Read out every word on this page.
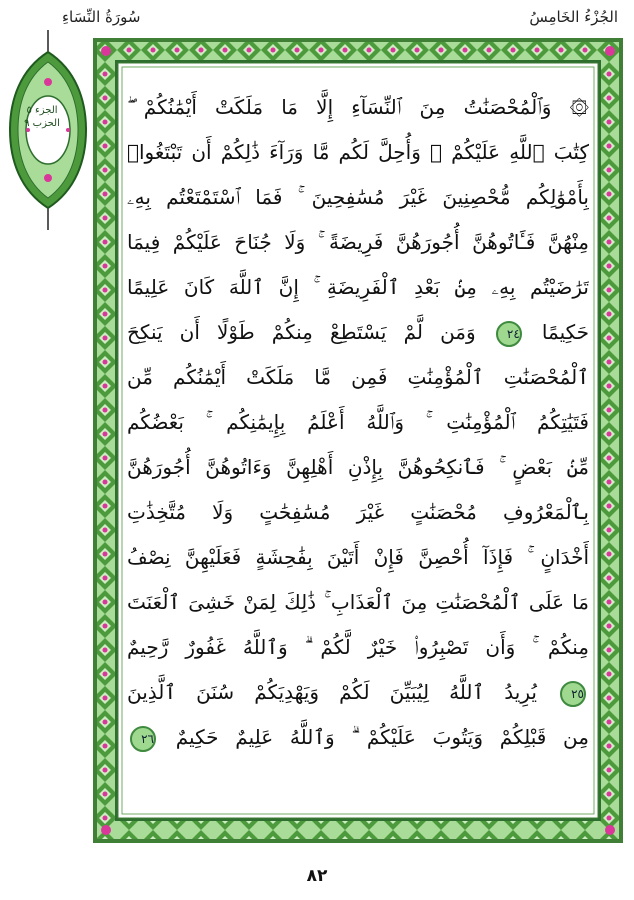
الجُزْءُ الخَامِسُ
سُورَةُ النِّسَاءِ
الجزء ٥
الحزب ٩
۞ وَٱلْمُحْصَنَٰتُ مِنَ ٱلنِّسَآءِ إِلَّا مَا مَلَكَتْ أَيْمَٰنُكُمْ ۖ
كِتَٰبَ ٱللَّهِ عَلَيْكُمْ ۚ وَأُحِلَّ لَكُم مَّا وَرَآءَ ذَٰلِكُمْ أَن تَبْتَغُوا۟
بِأَمْوَٰلِكُم مُّحْصِنِينَ غَيْرَ مُسَٰفِحِينَ ۚ فَمَا ٱسْتَمْتَعْتُم بِهِۦ
مِنْهُنَّ فَـَٔاتُوهُنَّ أُجُورَهُنَّ فَرِيضَةً ۚ وَلَا جُنَاحَ عَلَيْكُمْ فِيمَا
تَرَٰضَيْتُم بِهِۦ مِنۢ بَعْدِ ٱلْفَرِيضَةِ ۚ إِنَّ ٱللَّهَ كَانَ عَلِيمًا
حَكِيمًا ٢٤ وَمَن لَّمْ يَسْتَطِعْ مِنكُمْ طَوْلًا أَن يَنكِحَ
ٱلْمُحْصَنَٰتِ ٱلْمُؤْمِنَٰتِ فَمِن مَّا مَلَكَتْ أَيْمَٰنُكُم مِّن
فَتَيَٰتِكُمُ ٱلْمُؤْمِنَٰتِ ۚ وَٱللَّهُ أَعْلَمُ بِإِيمَٰنِكُم ۚ بَعْضُكُم
مِّنۢ بَعْضٍ ۚ فَٱنكِحُوهُنَّ بِإِذْنِ أَهْلِهِنَّ وَءَاتُوهُنَّ أُجُورَهُنَّ
بِٱلْمَعْرُوفِ مُحْصَنَٰتٍ غَيْرَ مُسَٰفِحَٰتٍ وَلَا مُتَّخِذَٰتِ
أَخْدَانٍ ۚ فَإِذَآ أُحْصِنَّ فَإِنْ أَتَيْنَ بِفَٰحِشَةٍ فَعَلَيْهِنَّ نِصْفُ
مَا عَلَى ٱلْمُحْصَنَٰتِ مِنَ ٱلْعَذَابِ ۚ ذَٰلِكَ لِمَنْ خَشِىَ ٱلْعَنَتَ
مِنكُمْ ۚ وَأَن تَصْبِرُوا۟ خَيْرٌ لَّكُمْ ۗ وَٱللَّهُ غَفُورٌ رَّحِيمٌ
٢٥ يُرِيدُ ٱللَّهُ لِيُبَيِّنَ لَكُمْ وَيَهْدِيَكُمْ سُنَنَ ٱلَّذِينَ
مِن قَبْلِكُمْ وَيَتُوبَ عَلَيْكُمْ ۗ وَٱللَّهُ عَلِيمٌ حَكِيمٌ ٢٦
٨٢
